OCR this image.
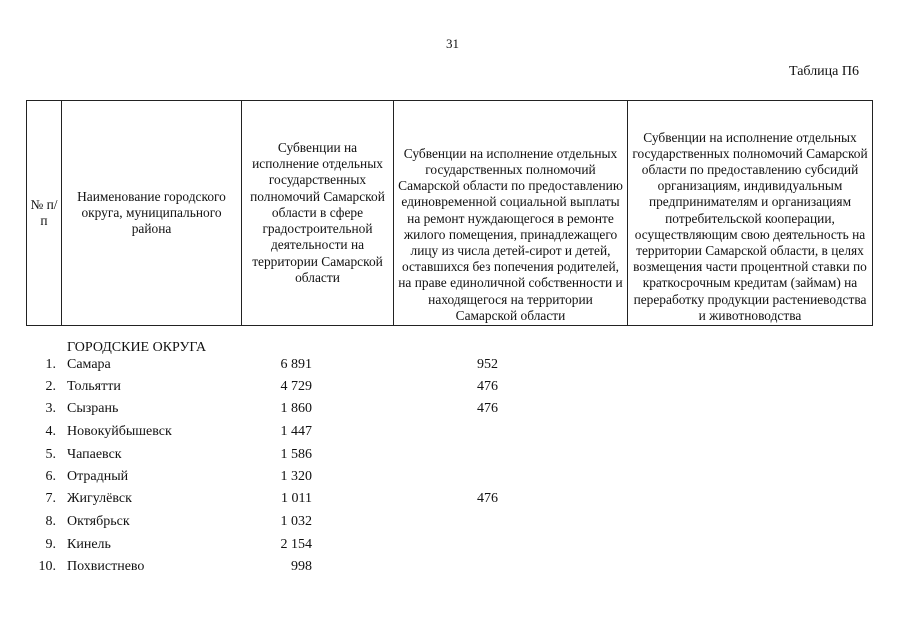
31
Таблица П6
№ п/п	Наименование городского округа, муниципального района	Субвенции на исполнение отдельных государственных полномочий Самарской области в сфере градостроительной деятельности на территории Самарской области	Субвенции на исполнение отдельных государственных полномочий Самарской области по предоставлению единовременной социальной выплаты на ремонт нуждающегося в ремонте жилого помещения, принадлежащего лицу из числа детей-сирот и детей, оставшихся без попечения родителей, на праве единоличной собственности и находящегося на территории Самарской области	Субвенции на исполнение отдельных государственных полномочий Самарской области по предоставлению субсидий организациям, индивидуальным предпринимателям и организациям потребительской кооперации, осуществляющим свою деятельность на территории Самарской области, в целях возмещения части процентной ставки по краткосрочным кредитам (займам) на переработку продукции растениеводства и животноводства
ГОРОДСКИЕ ОКРУГА
1. Самара	6 891	952
2. Тольятти	4 729	476
3. Сызрань	1 860	476
4. Новокуйбышевск	1 447
5. Чапаевск	1 586
6. Отрадный	1 320
7. Жигулёвск	1 011	476
8. Октябрьск	1 032
9. Кинель	2 154
10. Похвистнево	998
